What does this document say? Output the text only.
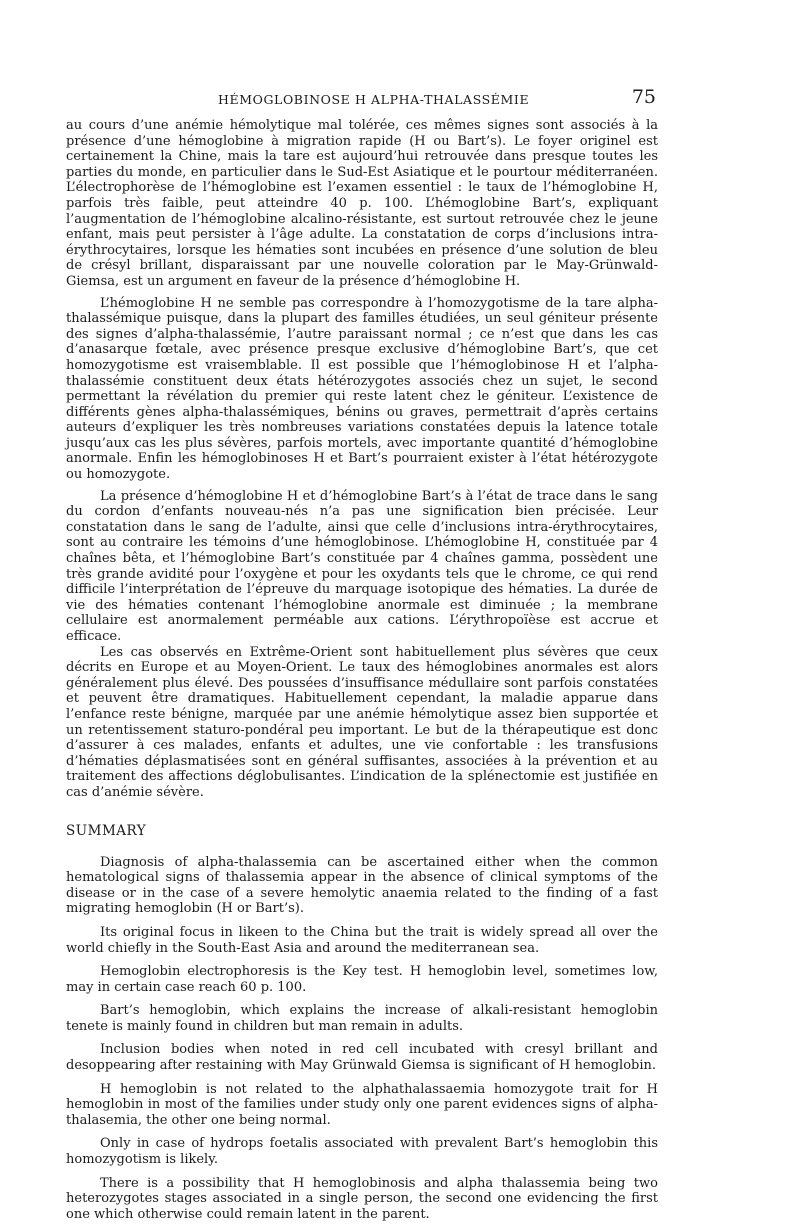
HÉMOGLOBINOSE H ALPHA-THALASSÉMIE	75

au cours d’une anémie hémolytique mal tolérée, ces mêmes signes sont associés à la présence d’une hémoglobine à migration rapide (H ou Bart’s). Le foyer originel est certainement la Chine, mais la tare est aujourd’hui retrouvée dans presque toutes les parties du monde, en particulier dans le Sud-Est Asiatique et le pourtour méditerranéen. L’électrophorèse de l’hémoglobine est l’examen essentiel : le taux de l’hémoglobine H, parfois très faible, peut atteindre 40 p. 100. L’hémoglobine Bart’s, expliquant l’augmentation de l’hémoglobine alcalino-résistante, est surtout retrouvée chez le jeune enfant, mais peut persister à l’âge adulte. La constatation de corps d’inclusions intra-érythrocytaires, lorsque les hématies sont incubées en présence d’une solution de bleu de crésyl brillant, disparaissant par une nouvelle coloration par le May-Grünwald-Giemsa, est un argument en faveur de la présence d’hémoglobine H.

L’hémoglobine H ne semble pas correspondre à l’homozygotisme de la tare alpha-thalassémique puisque, dans la plupart des familles étudiées, un seul géniteur présente des signes d’alpha-thalassémie, l’autre paraissant normal ; ce n’est que dans les cas d’anasarque fœtale, avec présence presque exclusive d’hémoglobine Bart’s, que cet homozygotisme est vraisemblable. Il est possible que l’hémoglobinose H et l’alpha-thalassémie constituent deux états hétérozygotes associés chez un sujet, le second permettant la révélation du premier qui reste latent chez le géniteur. L’existence de différents gènes alpha-thalassémiques, bénins ou graves, permettrait d’après certains auteurs d’expliquer les très nombreuses variations constatées depuis la latence totale jusqu’aux cas les plus sévères, parfois mortels, avec importante quantité d’hémoglobine anormale. Enfin les hémoglobinoses H et Bart’s pourraient exister à l’état hétérozygote ou homozygote.

La présence d’hémoglobine H et d’hémoglobine Bart’s à l’état de trace dans le sang du cordon d’enfants nouveau-nés n’a pas une signification bien précisée. Leur constatation dans le sang de l’adulte, ainsi que celle d’inclusions intra-érythrocytaires, sont au contraire les témoins d’une hémoglobinose. L’hémoglobine H, constituée par 4 chaînes bêta, et l’hémoglobine Bart’s constituée par 4 chaînes gamma, possèdent une très grande avidité pour l’oxygène et pour les oxydants tels que le chrome, ce qui rend difficile l’interprétation de l’épreuve du marquage isotopique des hématies. La durée de vie des hématies contenant l’hémoglobine anormale est diminuée ; la membrane cellulaire est anormalement perméable aux cations. L’érythropoïèse est accrue et efficace.

Les cas observés en Extrême-Orient sont habituellement plus sévères que ceux décrits en Europe et au Moyen-Orient. Le taux des hémoglobines anormales est alors généralement plus élevé. Des poussées d’insuffisance médullaire sont parfois constatées et peuvent être dramatiques. Habituellement cependant, la maladie apparue dans l’enfance reste bénigne, marquée par une anémie hémolytique assez bien supportée et un retentissement staturo-pondéral peu important. Le but de la thérapeutique est donc d’assurer à ces malades, enfants et adultes, une vie confortable : les transfusions d’hématies déplasmatisées sont en général suffisantes, associées à la prévention et au traitement des affections déglobulisantes. L’indication de la splénectomie est justifiée en cas d’anémie sévère.

SUMMARY

Diagnosis of alpha-thalassemia can be ascertained either when the common hematological signs of thalassemia appear in the absence of clinical symptoms of the disease or in the case of a severe hemolytic anaemia related to the finding of a fast migrating hemoglobin (H or Bart’s).

Its original focus in likeen to the China but the trait is widely spread all over the world chiefly in the South-East Asia and around the mediterranean sea.

Hemoglobin electrophoresis is the Key test. H hemoglobin level, sometimes low, may in certain case reach 60 p. 100.

Bart’s hemoglobin, which explains the increase of alkali-resistant hemoglobin tenete is mainly found in children but man remain in adults.

Inclusion bodies when noted in red cell incubated with cresyl brillant and desoppearing after restaining with May Grünwald Giemsa is significant of H hemoglobin.

H hemoglobin is not related to the alphathalassaemia homozygote trait for H hemoglobin in most of the families under study only one parent evidences signs of alpha-thalasemia, the other one being normal.

Only in case of hydrops foetalis associated with prevalent Bart’s hemoglobin this homozygotism is likely.

There is a possibility that H hemoglobinosis and alpha thalassemia being two heterozygotes stages associated in a single person, the second one evidencing the first one which otherwise could remain latent in the parent.
